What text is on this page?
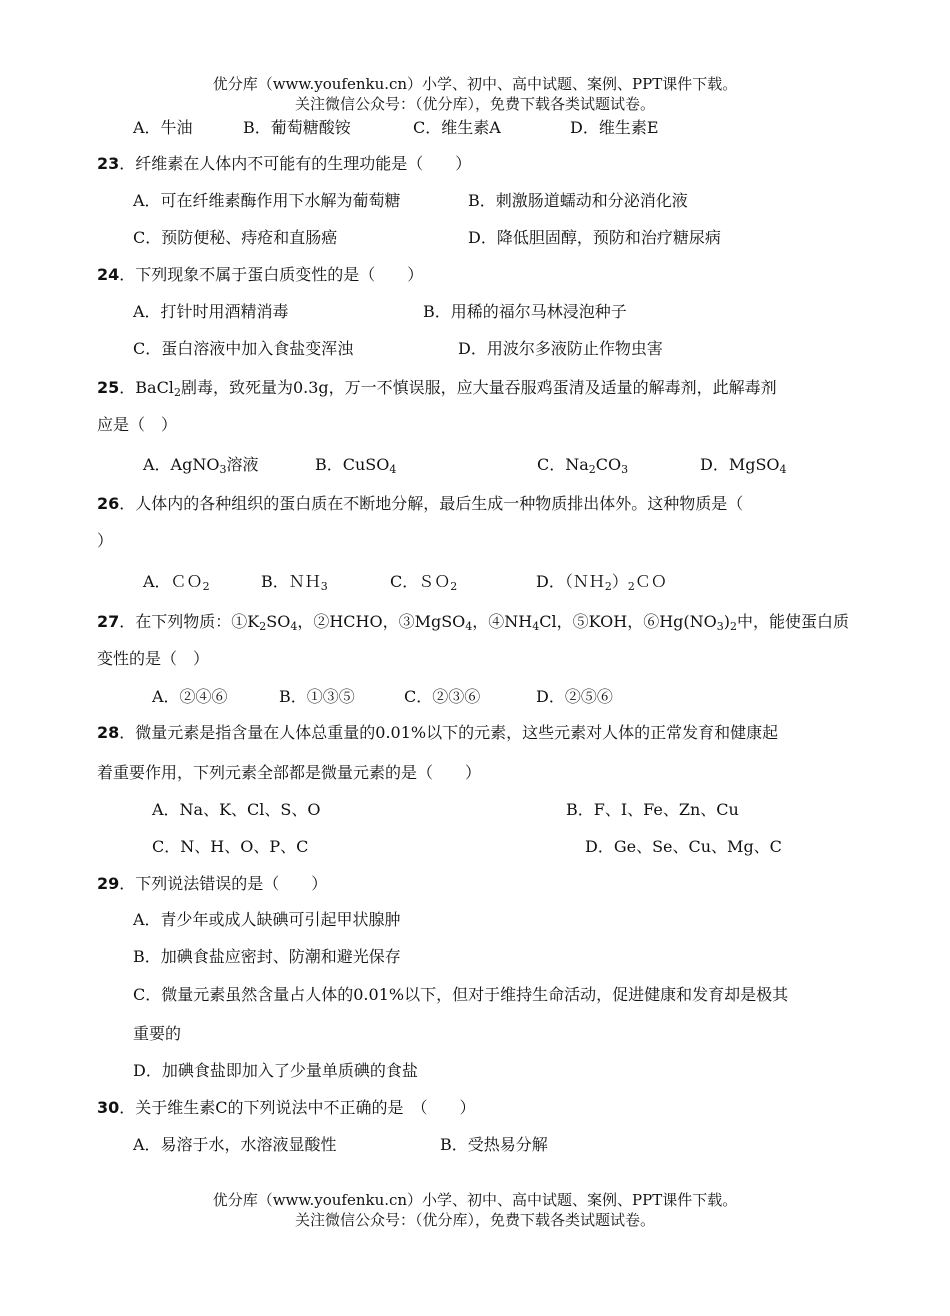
优分库（www.youfenku.cn）小学、初中、高中试题、案例、PPT课件下载。
关注微信公众号：（优分库），免费下载各类试题试卷。
A．牛油	B．葡萄糖酸铵	C．维生素A	D．维生素E
23．纤维素在人体内不可能有的生理功能是（　　）
A．可在纤维素酶作用下水解为葡萄糖	B．刺激肠道蠕动和分泌消化液
C．预防便秘、痔疮和直肠癌	D．降低胆固醇，预防和治疗糖尿病
24．下列现象不属于蛋白质变性的是（　　）
A．打针时用酒精消毒	B．用稀的福尔马林浸泡种子
C．蛋白溶液中加入食盐变浑浊	D．用波尔多液防止作物虫害
25．BaCl$_2$剧毒，致死量为0.3g，万一不慎误服，应大量吞服鸡蛋清及适量的解毒剂，此解毒剂
应是（　）
A．AgNO$_3$溶液	B．CuSO$_4$	C．$Na_2CO_3$	D．MgSO$_4$
26．人体内的各种组织的蛋白质在不断地分解，最后生成一种物质排出体外。这种物质是（
）
A．ＣＯ$_2$	B．ＮＨ$_3$	C．ＳＯ$_2$	D．$(NH_2)_2CO$
27．在下列物质：$①K_2SO_4$，②HCHO，③MgSO$_4$，$④NH_4Cl$，⑤KOH，$⑥Hg(NO_3)_2$中，能使蛋白质
变性的是（　）
A．②④⑥	B．①③⑤	C．②③⑥	D．②⑤⑥
28．微量元素是指含量在人体总重量的0.01%以下的元素，这些元素对人体的正常发育和健康起
着重要作用，下列元素全部都是微量元素的是（　　）
A．Na、K、Cl、S、O	B．F、I、Fe、Zn、Cu
C．N、H、O、P、C	D．Ge、Se、Cu、Mg、C
29．下列说法错误的是（　　）
A．青少年或成人缺碘可引起甲状腺肿
B．加碘食盐应密封、防潮和避光保存
C．微量元素虽然含量占人体的0.01%以下，但对于维持生命活动，促进健康和发育却是极其
重要的
D．加碘食盐即加入了少量单质碘的食盐
30．关于维生素C的下列说法中不正确的是　（　　）
A．易溶于水，水溶液显酸性	B．受热易分解
优分库（www.youfenku.cn）小学、初中、高中试题、案例、PPT课件下载。
关注微信公众号：（优分库），免费下载各类试题试卷。
